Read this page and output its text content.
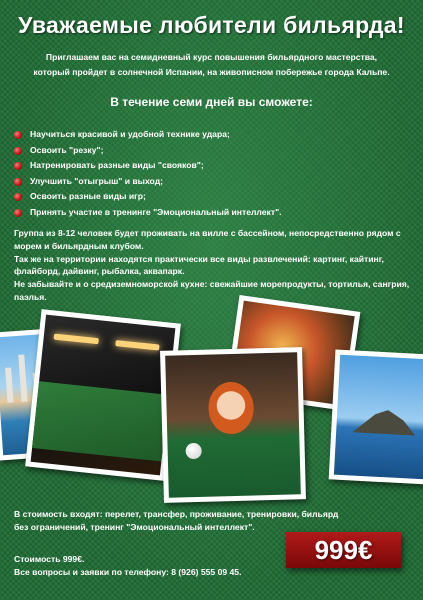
Уважаемые любители бильярда!

Приглашаем вас на семидневный курс повышения бильярдного мастерства, который пройдет в солнечной Испании, на живописном побережье города Кальпе.

В течение семи дней вы сможете:
Научиться красивой и удобной технике удара;
Освоить "резку";
Натренировать разные виды "свояков";
Улучшить "отыгрыш" и выход;
Освоить разные виды игр;
Принять участие в тренинге "Эмоциональный интеллект".

Группа из 8-12 человек будет проживать на вилле с бассейном, непосредственно рядом с морем и бильярдным клубом.

Так же на территории находятся практически все виды развлечений: картинг, кайтинг, флайборд, дайвинг, рыбалка, аквапарк.

Не забывайте и о средиземноморской кухне: свежайшие морепродукты, тортилья, сангрия, паэлья.

В стоимость входят: перелет, трансфер, проживание, тренировки, бильярд без ограничений, тренинг "Эмоциональный интеллект".

Стоимость 999€.

Все вопросы и заявки по телефону: 8 (926) 555 09 45.

999€
